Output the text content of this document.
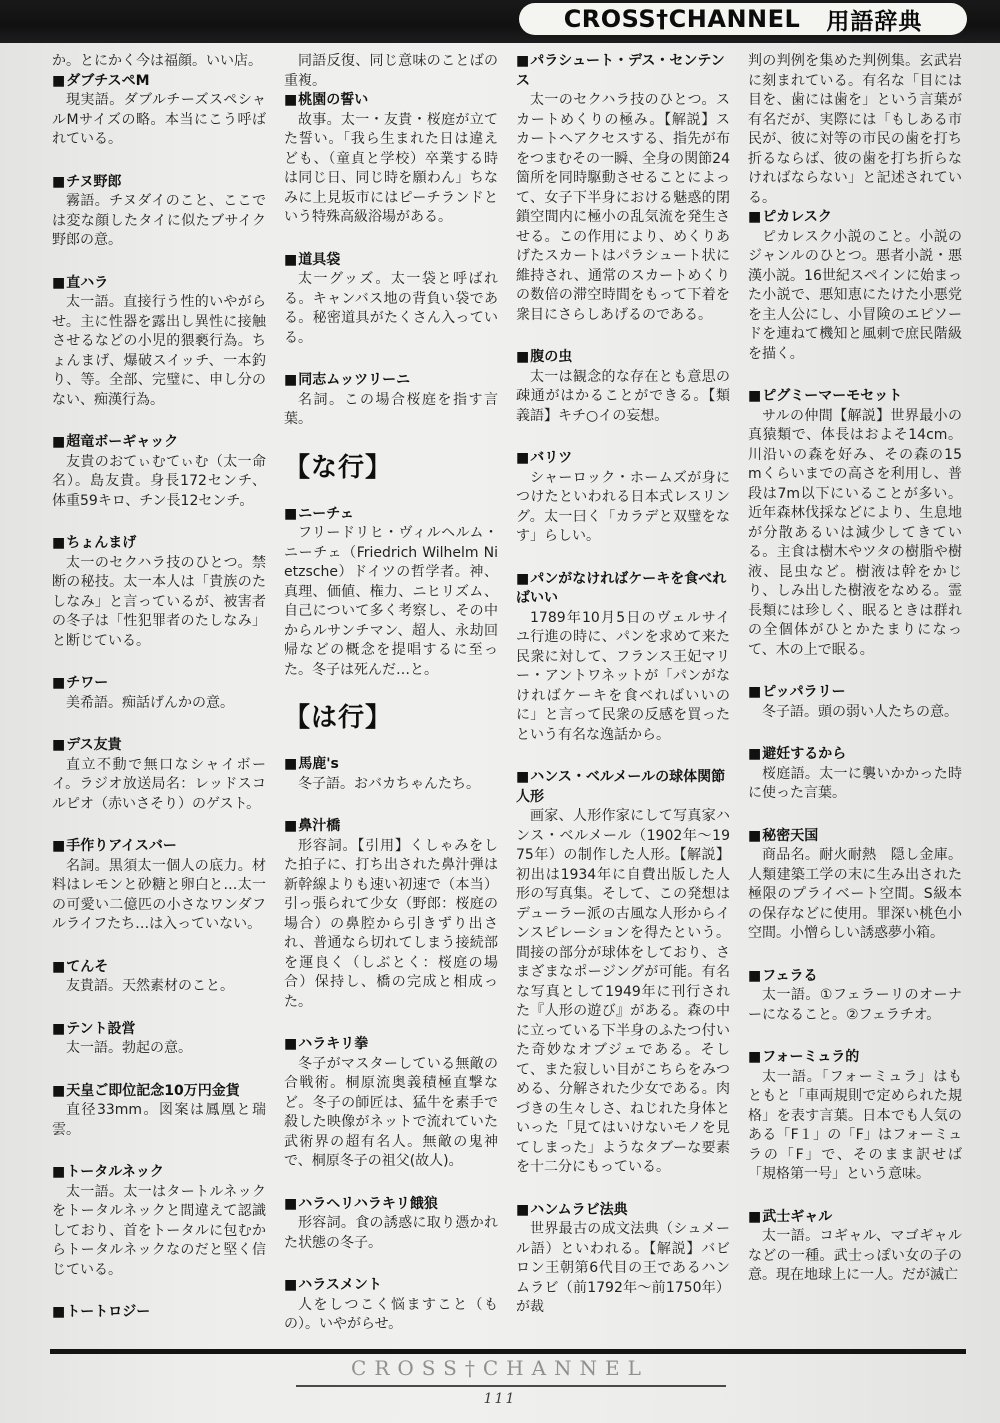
CROSS†CHANNEL 用語辞典

か。とにかく今は福顔。いい店。

■ダブチスペM

現実語。ダブルチーズスペシャルMサイズの略。本当にこう呼ばれている。

■チヌ野郎

霧語。チヌダイのこと、ここでは変な顔したタイに似たブサイク野郎の意。

■直ハラ

太一語。直接行う性的いやがらせ。主に性器を露出し異性に接触させるなどの小児的猥褻行為。ちょんまげ、爆破スイッチ、一本釣り、等。全部、完璧に、申し分のない、痴漢行為。

■超竜ボーギャック

友貴のおてぃむてぃむ（太一命名）。島友貴。身長172センチ、体重59キロ、チン長12センチ。

■ちょんまげ

太一のセクハラ技のひとつ。禁断の秘技。太一本人は「貴族のたしなみ」と言っているが、被害者の冬子は「性犯罪者のたしなみ」と断じている。

■チワー

美希語。痴話げんかの意。

■デス友貴

直立不動で無口なシャイボーイ。ラジオ放送局名：レッドスコルピオ（赤いさそり）のゲスト。

■手作りアイスバー

名詞。黒須太一個人の底力。材料はレモンと砂糖と卵白と…太一の可愛い二億匹の小さなワンダフルライフたち…は入っていない。

■てんそ

友貴語。天然素材のこと。

■テント設営

太一語。勃起の意。

■天皇ご即位記念10万円金貨

直径33mm。図案は鳳凰と瑞雲。

■トータルネック

太一語。太一はタートルネックをトータルネックと間違えて認識しており、首をトータルに包むからトータルネックなのだと堅く信じている。

■トートロジー

同語反復、同じ意味のことばの重複。

■桃園の誓い

故事。太一・友貴・桜庭が立てた誓い。「我ら生まれた日は違えども、（童貞と学校）卒業する時は同じ日、同じ時を願わん」ちなみに上見坂市にはピーチランドという特殊高級浴場がある。

■道具袋

太一グッズ。太一袋と呼ばれる。キャンバス地の背負い袋である。秘密道具がたくさん入っている。

■同志ムッツリーニ

名詞。この場合桜庭を指す言葉。

【な行】
■ニーチェ

フリードリヒ・ヴィルヘルム・ニーチェ（Friedrich Wilhelm Nietzsche）ドイツの哲学者。神、真理、価値、権力、ニヒリズム、自己について多く考察し、その中からルサンチマン、超人、永劫回帰などの概念を提唱するに至った。冬子は死んだ…と。

【は行】
■馬鹿's

冬子語。おバカちゃんたち。

■鼻汁橋

形容詞。【引用】くしゃみをした拍子に、打ち出された鼻汁弾は新幹線よりも速い初速で（本当）引っ張られて少女（野郎：桜庭の場合）の鼻腔から引きずり出され、普通なら切れてしまう接続部を運良く（しぶとく：桜庭の場合）保持し、橋の完成と相成った。

■ハラキリ拳

冬子がマスターしている無敵の合戦術。桐原流奥義積極直撃など。冬子の師匠は、猛牛を素手で殺した映像がネットで流れていた武術界の超有名人。無敵の鬼神で、桐原冬子の祖父(故人)。

■ハラヘリハラキリ餓狼

形容詞。食の誘惑に取り憑かれた状態の冬子。

■ハラスメント

人をしつこく悩ますこと（もの）。いやがらせ。

■パラシュート・デス・センテンス

太一のセクハラ技のひとつ。スカートめくりの極み。【解説】スカートへアクセスする、指先が布をつまむその一瞬、全身の関節24箇所を同時駆動させることによって、女子下半身における魅惑的閉鎖空間内に極小の乱気流を発生させる。この作用により、めくりあげたスカートはパラシュート状に維持され、通常のスカートめくりの数倍の滞空時間をもって下着を衆目にさらしあげるのである。

■腹の虫

太一は観念的な存在とも意思の疎通がはかることができる。【類義語】キチ○イの妄想。

■バリツ

シャーロック・ホームズが身につけたといわれる日本式レスリング。太一曰く「カラデと双璧をなす」らしい。

■パンがなければケーキを食べればいい

1789年10月5日のヴェルサイユ行進の時に、パンを求めて来た民衆に対して、フランス王妃マリー・アントワネットが「パンがなければケーキを食べればいいのに」と言って民衆の反感を買ったという有名な逸話から。

■ハンス・ベルメールの球体関節人形

画家、人形作家にして写真家ハンス・ベルメール（1902年〜1975年）の制作した人形。【解説】初出は1934年に自費出版した人形の写真集。そして、この発想はデューラー派の古風な人形からインスピレーションを得たという。間接の部分が球体をしており、さまざまなポージングが可能。有名な写真として1949年に刊行された『人形の遊び』がある。森の中に立っている下半身のふたつ付いた奇妙なオブジェである。そして、また寂しい目がこちらをみつめる、分解された少女である。肉づきの生々しさ、ねじれた身体といった「見てはいけないモノを見てしまった」ようなタブーな要素を十二分にもっている。

■ハンムラビ法典

世界最古の成文法典（シュメール語）といわれる。【解説】バビロン王朝第6代目の王であるハンムラビ（前1792年〜前1750年）が裁

判の判例を集めた判例集。玄武岩に刻まれている。有名な「目には目を、歯には歯を」という言葉が有名だが、実際には「もしある市民が、彼に対等の市民の歯を打ち折るならば、彼の歯を打ち折らなければならない」と記述されている。

■ピカレスク

ピカレスク小説のこと。小説のジャンルのひとつ。悪者小説・悪漢小説。16世紀スペインに始まった小説で、悪知恵にたけた小悪党を主人公にし、小冒険のエピソードを連ねて機知と風刺で庶民階級を描く。

■ピグミーマーモセット

サルの仲間【解説】世界最小の真猿類で、体長はおよそ14cm。川沿いの森を好み、その森の15mくらいまでの高さを利用し、普段は7m以下にいることが多い。近年森林伐採などにより、生息地が分散あるいは減少してきている。主食は樹木やツタの樹脂や樹液、昆虫など。樹液は幹をかじり、しみ出した樹液をなめる。霊長類には珍しく、眠るときは群れの全個体がひとかたまりになって、木の上で眠る。

■ピッパラリー

冬子語。頭の弱い人たちの意。

■避妊するから

桜庭語。太一に襲いかかった時に使った言葉。

■秘密天国

商品名。耐火耐熱　隠し金庫。人類建築工学の末に生み出された極限のプライベート空間。S級本の保存などに使用。罪深い桃色小空間。小憎らしい誘惑夢小箱。

■フェラる

太一語。①フェラーリのオーナーになること。②フェラチオ。

■フォーミュラ的

太一語。「フォーミュラ」はもともと「車両規則で定められた規格」を表す言葉。日本でも人気のある「F１」の「F」はフォーミュラの「F」で、そのまま訳せば「規格第一号」という意味。

■武士ギャル

太一語。コギャル、マゴギャルなどの一種。武士っぽい女の子の意。現在地球上に一人。だが滅亡

CROSS†CHANNEL
111
